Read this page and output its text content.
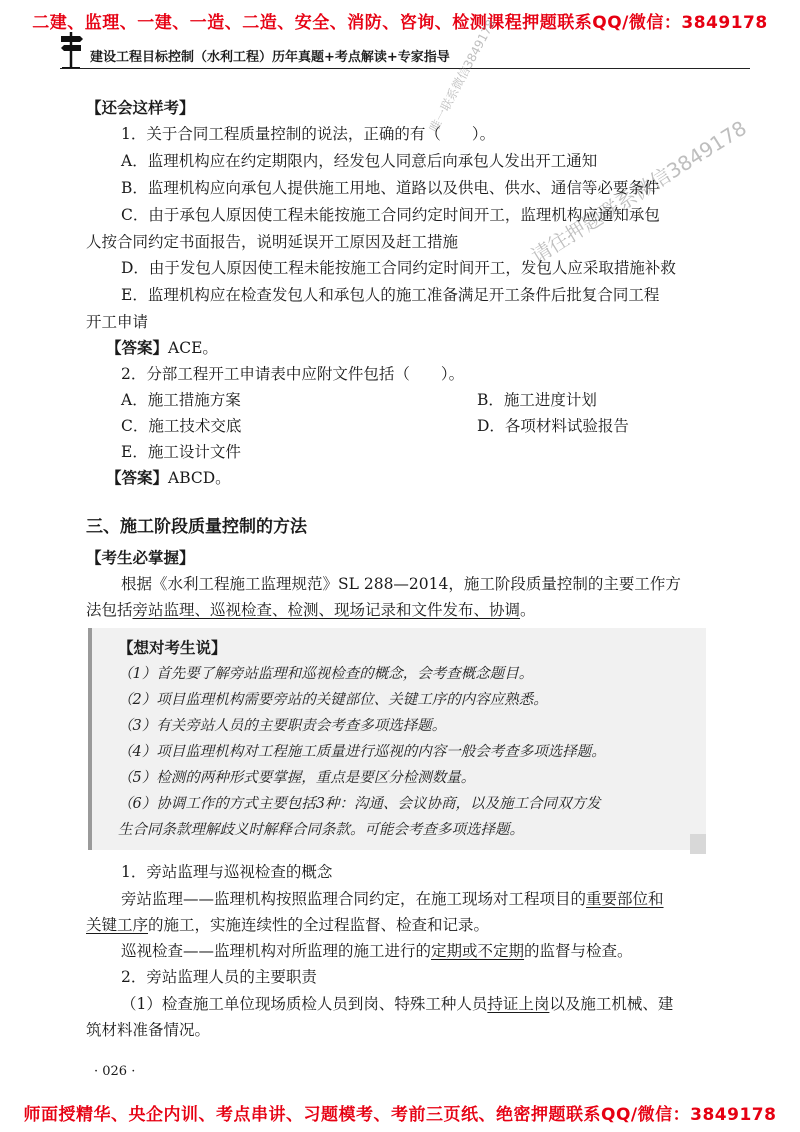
二建、监理、一建、一造、二造、安全、消防、咨询、检测课程押题联系QQ/微信：3849178
建设工程目标控制（水利工程）历年真题+考点解读+专家指导
唯一联系微信3849178
请往押题联系微信3849178
【还会这样考】
1．关于合同工程质量控制的说法，正确的有（　　）。
A．监理机构应在约定期限内，经发包人同意后向承包人发出开工通知
B．监理机构应向承包人提供施工用地、道路以及供电、供水、通信等必要条件
C．由于承包人原因使工程未能按施工合同约定时间开工，监理机构应通知承包
人按合同约定书面报告，说明延误开工原因及赶工措施
D．由于发包人原因使工程未能按施工合同约定时间开工，发包人应采取措施补救
E．监理机构应在检查发包人和承包人的施工准备满足开工条件后批复合同工程
开工申请
【答案】ACE。
2．分部工程开工申请表中应附文件包括（　　）。
A．施工措施方案	B．施工进度计划
C．施工技术交底	D．各项材料试验报告
E．施工设计文件
【答案】ABCD。
三、施工阶段质量控制的方法
【考生必掌握】
根据《水利工程施工监理规范》SL 288—2014，施工阶段质量控制的主要工作方
法包括旁站监理、巡视检查、检测、现场记录和文件发布、协调。
【想对考生说】
（1）首先要了解旁站监理和巡视检查的概念，会考查概念题目。
（2）项目监理机构需要旁站的关键部位、关键工序的内容应熟悉。
（3）有关旁站人员的主要职责会考查多项选择题。
（4）项目监理机构对工程施工质量进行巡视的内容一般会考查多项选择题。
（5）检测的两种形式要掌握，重点是要区分检测数量。
（6）协调工作的方式主要包括3种：沟通、会议协商，以及施工合同双方发
生合同条款理解歧义时解释合同条款。可能会考查多项选择题。
1．旁站监理与巡视检查的概念
旁站监理——监理机构按照监理合同约定，在施工现场对工程项目的重要部位和
关键工序的施工，实施连续性的全过程监督、检查和记录。
巡视检查——监理机构对所监理的施工进行的定期或不定期的监督与检查。
2．旁站监理人员的主要职责
（1）检查施工单位现场质检人员到岗、特殊工种人员持证上岗以及施工机械、建
筑材料准备情况。
· 026 ·
师面授精华、央企内训、考点串讲、习题模考、考前三页纸、绝密押题联系QQ/微信：3849178
